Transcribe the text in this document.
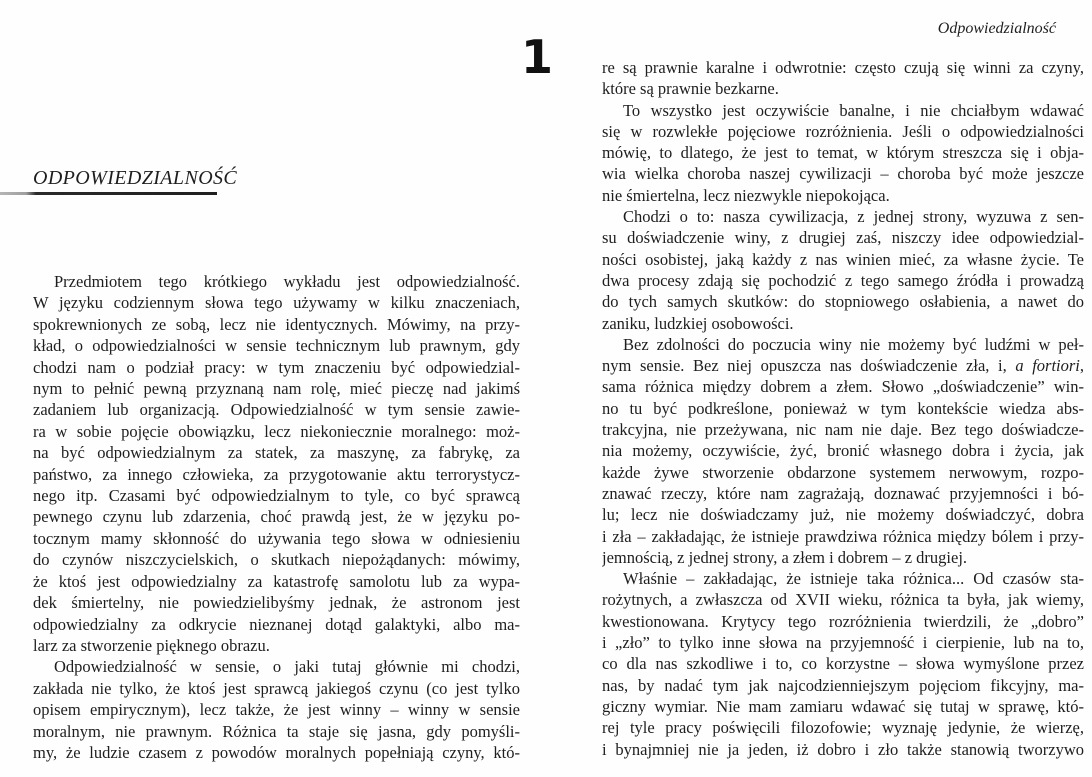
ODPOWIEDZIALNOŚĆ
Przedmiotem tego krótkiego wykładu jest odpowiedzialność.
W języku codziennym słowa tego używamy w kilku znaczeniach,
spokrewnionych ze sobą, lecz nie identycznych. Mówimy, na przy-
kład, o odpowiedzialności w sensie technicznym lub prawnym, gdy
chodzi nam o podział pracy: w tym znaczeniu być odpowiedzial-
nym to pełnić pewną przyznaną nam rolę, mieć pieczę nad jakimś
zadaniem lub organizacją. Odpowiedzialność w tym sensie zawie-
ra w sobie pojęcie obowiązku, lecz niekoniecznie moralnego: moż-
na być odpowiedzialnym za statek, za maszynę, za fabrykę, za
państwo, za innego człowieka, za przygotowanie aktu terrorystycz-
nego itp. Czasami być odpowiedzialnym to tyle, co być sprawcą
pewnego czynu lub zdarzenia, choć prawdą jest, że w języku po-
tocznym mamy skłonność do używania tego słowa w odniesieniu
do czynów niszczycielskich, o skutkach niepożądanych: mówimy,
że ktoś jest odpowiedzialny za katastrofę samolotu lub za wypa-
dek śmiertelny, nie powiedzielibyśmy jednak, że astronom jest
odpowiedzialny za odkrycie nieznanej dotąd galaktyki, albo ma-
larz za stworzenie pięknego obrazu.
Odpowiedzialność w sensie, o jaki tutaj głównie mi chodzi,
zakłada nie tylko, że ktoś jest sprawcą jakiegoś czynu (co jest tylko
opisem empirycznym), lecz także, że jest winny – winny w sensie
moralnym, nie prawnym. Różnica ta staje się jasna, gdy pomyśli-
my, że ludzie czasem z powodów moralnych popełniają czyny, któ-
1
Odpowiedzialność
re są prawnie karalne i odwrotnie: często czują się winni za czyny,
które są prawnie bezkarne.
To wszystko jest oczywiście banalne, i nie chciałbym wdawać
się w rozwlekłe pojęciowe rozróżnienia. Jeśli o odpowiedzialności
mówię, to dlatego, że jest to temat, w którym streszcza się i obja-
wia wielka choroba naszej cywilizacji – choroba być może jeszcze
nie śmiertelna, lecz niezwykle niepokojąca.
Chodzi o to: nasza cywilizacja, z jednej strony, wyzuwa z sen-
su doświadczenie winy, z drugiej zaś, niszczy idee odpowiedzial-
ności osobistej, jaką każdy z nas winien mieć, za własne życie. Te
dwa procesy zdają się pochodzić z tego samego źródła i prowadzą
do tych samych skutków: do stopniowego osłabienia, a nawet do
zaniku, ludzkiej osobowości.
Bez zdolności do poczucia winy nie możemy być ludźmi w peł-
nym sensie. Bez niej opuszcza nas doświadczenie zła, i, a fortiori,
sama różnica między dobrem a złem. Słowo „doświadczenie” win-
no tu być podkreślone, ponieważ w tym kontekście wiedza abs-
trakcyjna, nie przeżywana, nic nam nie daje. Bez tego doświadcze-
nia możemy, oczywiście, żyć, bronić własnego dobra i życia, jak
każde żywe stworzenie obdarzone systemem nerwowym, rozpo-
znawać rzeczy, które nam zagrażają, doznawać przyjemności i bó-
lu; lecz nie doświadczamy już, nie możemy doświadczyć, dobra
i zła – zakładając, że istnieje prawdziwa różnica między bólem i przy-
jemnością, z jednej strony, a złem i dobrem – z drugiej.
Właśnie – zakładając, że istnieje taka różnica... Od czasów sta-
rożytnych, a zwłaszcza od XVII wieku, różnica ta była, jak wiemy,
kwestionowana. Krytycy tego rozróżnienia twierdzili, że „dobro”
i „zło” to tylko inne słowa na przyjemność i cierpienie, lub na to,
co dla nas szkodliwe i to, co korzystne – słowa wymyślone przez
nas, by nadać tym jak najcodzienniejszym pojęciom fikcyjny, ma-
giczny wymiar. Nie mam zamiaru wdawać się tutaj w sprawę, któ-
rej tyle pracy poświęcili filozofowie; wyznaję jedynie, że wierzę,
i bynajmniej nie ja jeden, iż dobro i zło także stanowią tworzywo
